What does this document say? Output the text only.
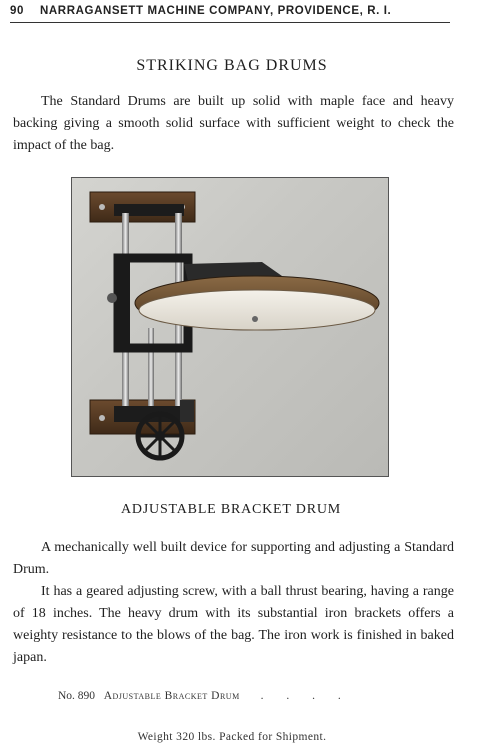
90 NARRAGANSETT MACHINE COMPANY, PROVIDENCE, R. I.
STRIKING BAG DRUMS

The Standard Drums are built up solid with maple face and heavy backing giving a smooth solid surface with sufficient weight to check the impact of the bag.

ADJUSTABLE BRACKET DRUM

A mechanically well built device for supporting and adjusting a Standard Drum.

It has a geared adjusting screw, with a ball thrust bearing, having a range of 18 inches. The heavy drum with its substantial iron brackets offers a weighty resistance to the blows of the bag. The iron work is finished in baked japan.

No. 890 Adjustable Bracket Drum . . . .
Weight 320 lbs. Packed for Shipment.
